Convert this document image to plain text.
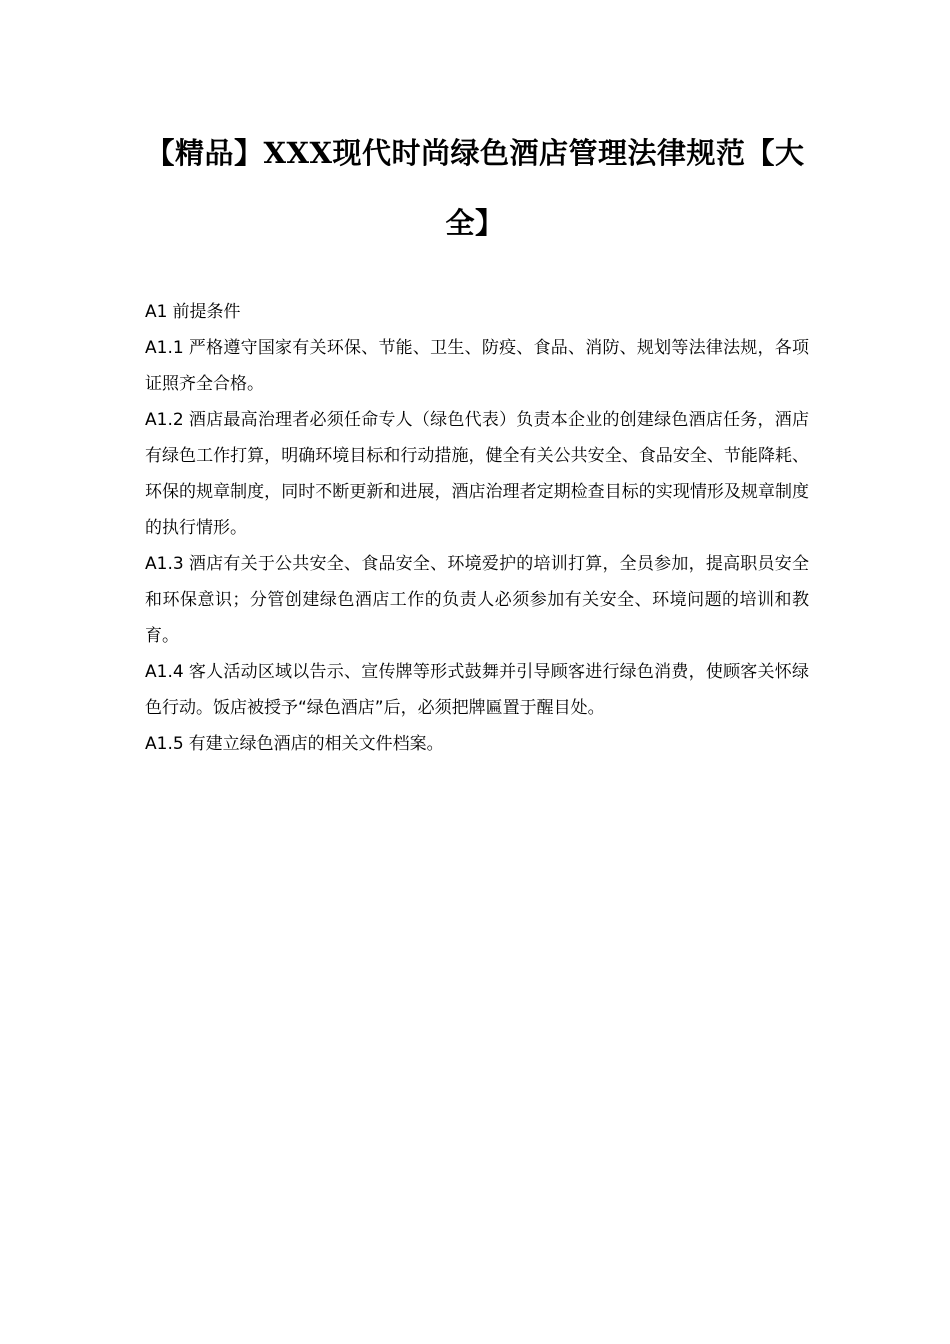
【精品】XXX现代时尚绿色酒店管理法律规范【大全】

A1 前提条件

A1.1 严格遵守国家有关环保、节能、卫生、防疫、食品、消防、规划等法律法规，各项证照齐全合格。

A1.2 酒店最高治理者必须任命专人（绿色代表）负责本企业的创建绿色酒店任务，酒店有绿色工作打算，明确环境目标和行动措施，健全有关公共安全、食品安全、节能降耗、环保的规章制度，同时不断更新和进展，酒店治理者定期检查目标的实现情形及规章制度的执行情形。

A1.3 酒店有关于公共安全、食品安全、环境爱护的培训打算，全员参加，提高职员安全和环保意识；分管创建绿色酒店工作的负责人必须参加有关安全、环境问题的培训和教育。

A1.4 客人活动区域以告示、宣传牌等形式鼓舞并引导顾客进行绿色消费，使顾客关怀绿色行动。饭店被授予“绿色酒店”后，必须把牌匾置于醒目处。

A1.5 有建立绿色酒店的相关文件档案。
